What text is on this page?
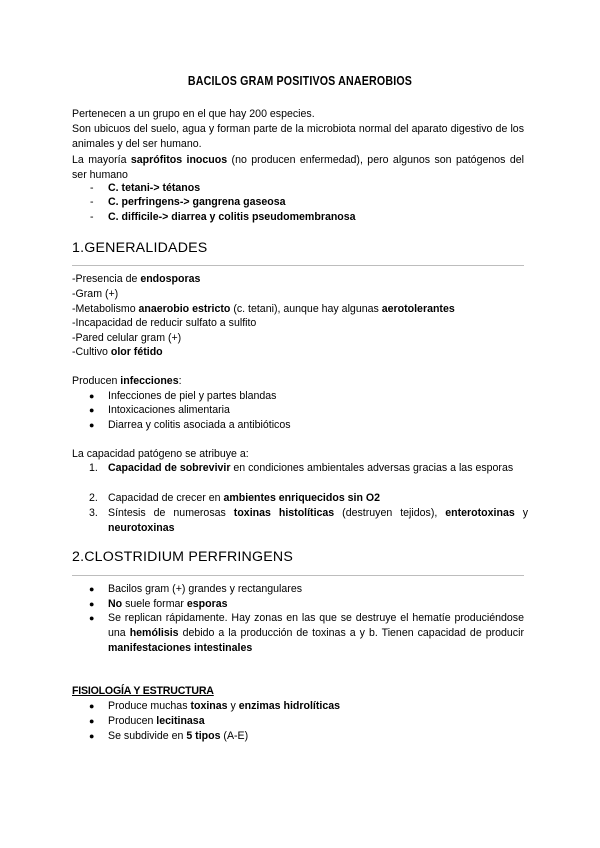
BACILOS GRAM POSITIVOS ANAEROBIOS
Pertenecen a un grupo en el que hay 200 especies.
Son ubicuos del suelo, agua y forman parte de la microbiota normal del aparato digestivo de los animales y del ser humano.
La mayoría saprófitos inocuos (no producen enfermedad), pero algunos son patógenos del ser humano
- C. tetani-> tétanos
- C. perfringens-> gangrena gaseosa
- C. difficile-> diarrea y colitis pseudomembranosa
1.GENERALIDADES
-Presencia de endosporas
-Gram (+)
-Metabolismo anaerobio estricto (c. tetani), aunque hay algunas aerotolerantes
-Incapacidad de reducir sulfato a sulfito
-Pared celular gram (+)
-Cultivo olor fétido
Producen infecciones:
● Infecciones de piel y partes blandas
● Intoxicaciones alimentaria
● Diarrea y colitis asociada a antibióticos
La capacidad patógeno se atribuye a:
1. Capacidad de sobrevivir en condiciones ambientales adversas gracias a las esporas
2. Capacidad de crecer en ambientes enriquecidos sin O2
3. Síntesis de numerosas toxinas histolíticas (destruyen tejidos), enterotoxinas y neurotoxinas
2.CLOSTRIDIUM PERFRINGENS
● Bacilos gram (+) grandes y rectangulares
● No suele formar esporas
● Se replican rápidamente. Hay zonas en las que se destruye el hematíe produciéndose una hemólisis debido a la producción de toxinas a y b. Tienen capacidad de producir manifestaciones intestinales
FISIOLOGÍA Y ESTRUCTURA
● Produce muchas toxinas y enzimas hidrolíticas
● Producen lecitinasa
● Se subdivide en 5 tipos (A-E)
